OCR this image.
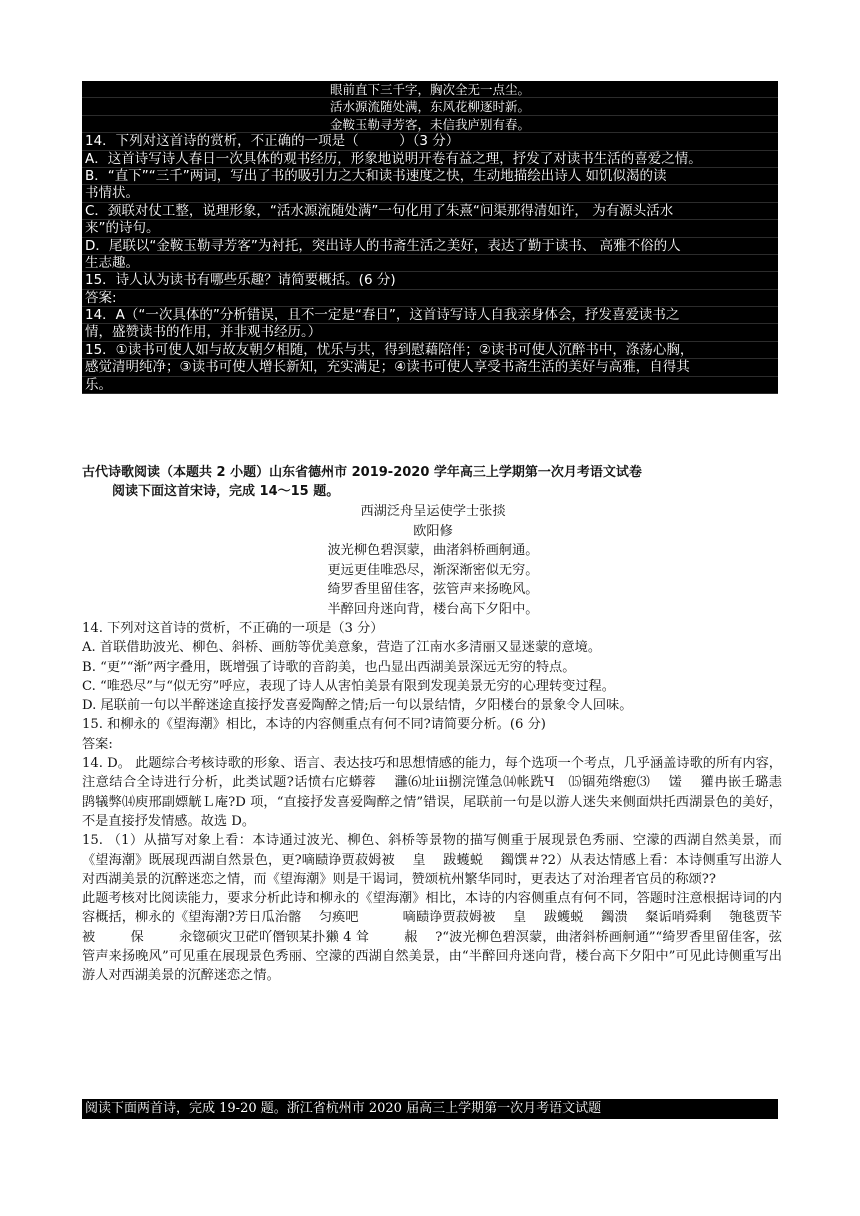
眼前直下三千字，胸次全无一点尘。
活水源流随处满，东风花柳逐时新。
金鞍玉勒寻芳客，未信我庐别有春。
14．下列对这首诗的赏析，不正确的一项是（　　　）（3 分）
A．这首诗写诗人春日一次具体的观书经历，形象地说明开卷有益之理，抒发了对读书生活的喜爱之情。
B．“直下”“三千”两词，写出了书的吸引力之大和读书速度之快，生动地描绘出诗人 如饥似渴的读
书情状。
C．颈联对仗工整，说理形象，“活水源流随处满”一句化用了朱熹“问渠那得清如许， 为有源头活水
来”的诗句。
D．尾联以“金鞍玉勒寻芳客”为衬托，突出诗人的书斋生活之美好，表达了勤于读书、 高雅不俗的人
生志趣。
15．诗人认为读书有哪些乐趣？请简要概括。(6 分)
答案:
14．A（“一次具体的”分析错误，且不一定是“春日”，这首诗写诗人自我亲身体会，抒发喜爱读书之
情，盛赞读书的作用，并非观书经历。）
15．①读书可使人如与故友朝夕相随，忧乐与共，得到慰藉陪伴；②读书可使人沉醉书中，涤荡心胸，
感觉清明纯净；③读书可使人增长新知，充实满足；④读书可使人享受书斋生活的美好与高雅，自得其
乐。
古代诗歌阅读（本题共 2 小题）山东省德州市 2019-2020 学年高三上学期第一次月考语文试卷
阅读下面这首宋诗，完成 14～15 题。
西湖泛舟呈运使学士张掞
欧阳修
波光柳色碧溟蒙，曲渚斜桥画舸通。
更远更佳唯恐尽，渐深渐密似无穷。
绮罗香里留佳客，弦管声来扬晚风。
半醉回舟迷向背，楼台高下夕阳中。
14. 下列对这首诗的赏析，不正确的一项是（3 分）
A. 首联借助波光、柳色、斜桥、画舫等优美意象，营造了江南水多清丽又显迷蒙的意境。
B. “更”“渐”两字叠用，既增强了诗歌的音韵美，也凸显出西湖美景深远无穷的特点。
C. “唯恐尽”与“似无穷”呼应，表现了诗人从害怕美景有限到发现美景无穷的心理转变过程。
D. 尾联前一句以半醉迷途直接抒发喜爱陶醉之情;后一句以景结情，夕阳楼台的景象令人回味。
15. 和柳永的《望海潮》相比，本诗的内容侧重点有何不同?请简要分析。(6 分)
答案:
14. D。 此题综合考核诗歌的形象、语言、表达技巧和思想情感的能力，每个选项一个考点，几乎涵盖诗歌的所有内容，注意结合全诗进行分析，此类试题?话愤右庀蟒蓉　 灉⑹址ⅲ捌浣馑急⒁帐跣Ч　⒂锢苑绺瘛⑶　 馐　 獾冉嵌壬璐恚　 鹍犠弊⒁庾邢副嫖觥Ｌ庵?D 项，“直接抒发喜爱陶醉之情”错误，尾联前一句是以游人迷失来侧面烘托西湖景色的美好，不是直接抒发情感。故选 D。
15. （1）从描写对象上看：本诗通过波光、柳色、斜桥等景物的描写侧重于展现景色秀丽、空濛的西湖自然美景，而《望海潮》既展现西湖自然景色，更?嘀赜诤贾菽姆被　 皇　 跋蠖蜕　 鐲馔＃?2）从表达情感上看：本诗侧重写出游人对西湖美景的沉醉迷恋之情，而《望海潮》则是干谒词，赞颂杭州繁华同时，更表达了对治理者官员的称颂??
此题考核对比阅读能力，要求分析此诗和柳永的《望海潮》相比，本诗的内容侧重点有何不同，答题时注意根据诗词的内容概括，柳永的《望海潮?芳日瓜治髂　 匀痪吧　　　 嘀赜诤贾菽姆被　 皇　 跋蠖蜕　 鐲溃　 粲诟哨舜剩　 匏毯贾苄被　 　 保　 　 汆锪硕灾卫硭吖僭钡某扑獭 4 耸　 　 赧　 ?“波光柳色碧溟蒙，曲渚斜桥画舸通”“绮罗香里留佳客，弦管声来扬晚风”可见重在展现景色秀丽、空濛的西湖自然美景，由“半醉回舟迷向背，楼台高下夕阳中”可见此诗侧重写出游人对西湖美景的沉醉迷恋之情。
阅读下面两首诗，完成 19-20 题。浙江省杭州市 2020 届高三上学期第一次月考语文试题
